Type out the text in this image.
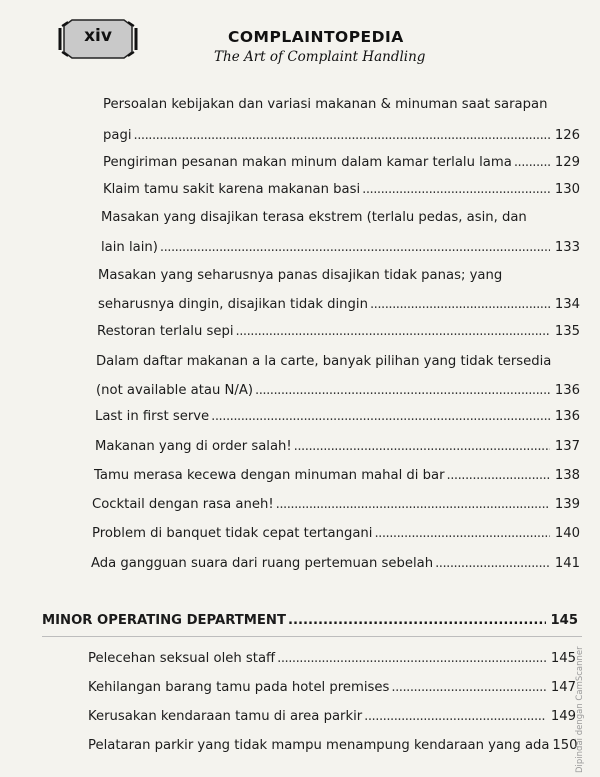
xiv	COMPLAINTOPEDIA
The Art of Complaint Handling
Persoalan kebijakan dan variasi makanan & minuman saat sarapan
pagi .....	126
Pengiriman pesanan makan minum dalam kamar terlalu lama .....	129
Klaim tamu sakit karena makanan basi .....	130
Masakan yang disajikan terasa ekstrem (terlalu pedas, asin, dan
lain lain) .....	133
Masakan yang seharusnya panas disajikan tidak panas; yang
seharusnya dingin, disajikan tidak dingin .....	134
Restoran terlalu sepi .....	135
Dalam daftar makanan a la carte, banyak pilihan yang tidak tersedia
(not available atau N/A) .....	136
Last in first serve .....	136
Makanan yang di order salah! .....	137
Tamu merasa kecewa dengan minuman mahal di bar .....	138
Cocktail dengan rasa aneh! .....	139
Problem di banquet tidak cepat tertangani .....	140
Ada gangguan suara dari ruang pertemuan sebelah .....	141
MINOR OPERATING DEPARTMENT .....	145
Pelecehan seksual oleh staff .....	145
Kehilangan barang tamu pada hotel premises .....	147
Kerusakan kendaraan tamu di area parkir .....	149
Pelataran parkir yang tidak mampu menampung kendaraan yang ada 150
Dipindai dengan CamScanner
